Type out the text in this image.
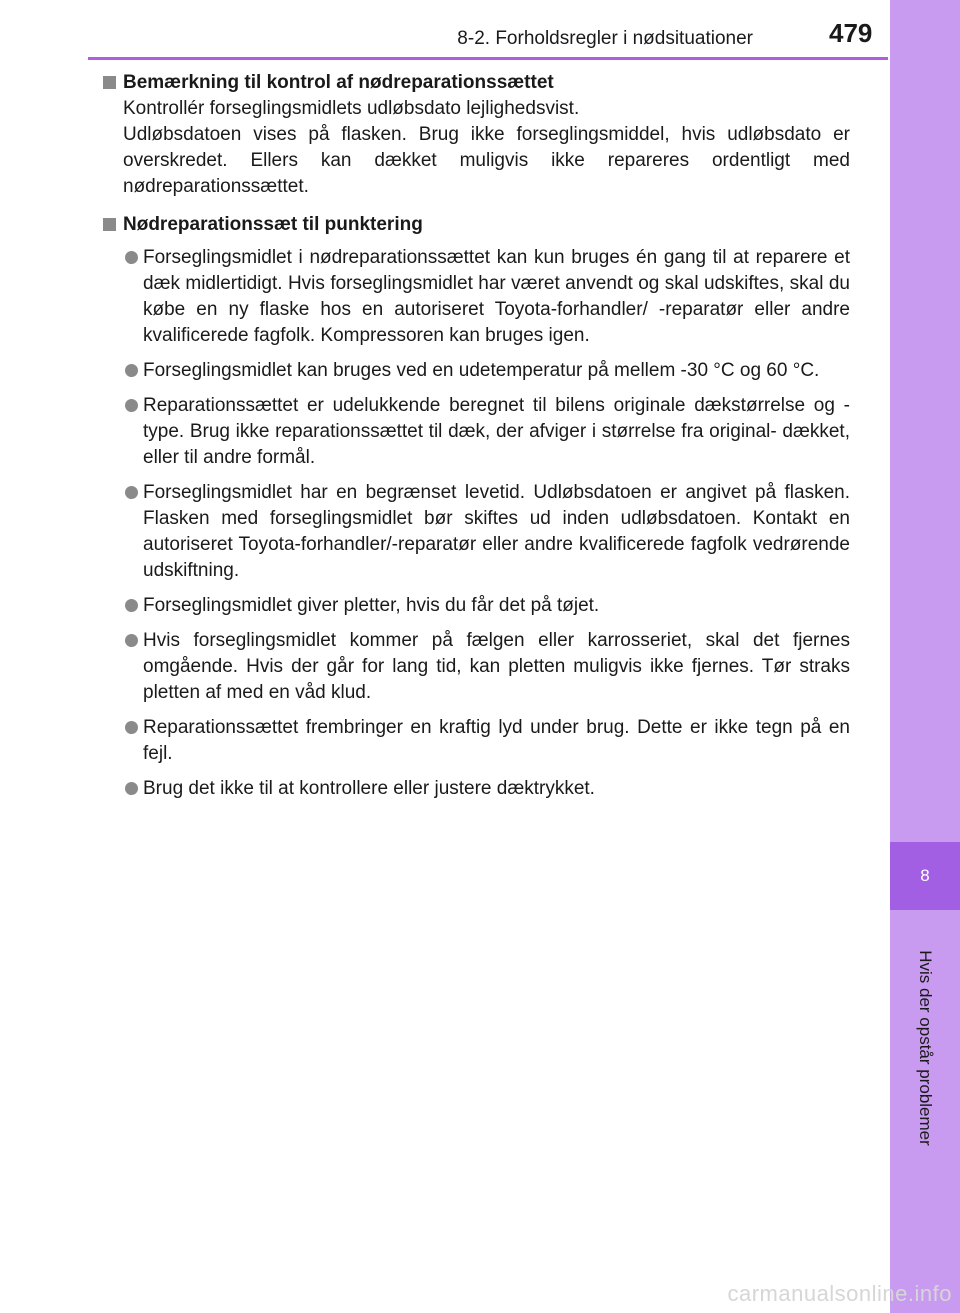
8-2. Forholdsregler i nødsituationer	479
8
Hvis der opstår problemer
Bemærkning til kontrol af nødreparationssættet

Kontrollér forseglingsmidlets udløbsdato lejlighedsvist.

Udløbsdatoen vises på flasken. Brug ikke forseglingsmiddel, hvis udløbsdato er overskredet. Ellers kan dækket muligvis ikke repareres ordentligt med nødreparationssættet.

Nødreparationssæt til punktering
Forseglingsmidlet i nødreparationssættet kan kun bruges én gang til at reparere et dæk midlertidigt. Hvis forseglingsmidlet har været anvendt og skal udskiftes, skal du købe en ny flaske hos en autoriseret Toyota-forhandler/ -reparatør eller andre kvalificerede fagfolk. Kompressoren kan bruges igen.
Forseglingsmidlet kan bruges ved en udetemperatur på mellem -30 °C og 60 °C.
Reparationssættet er udelukkende beregnet til bilens originale dækstørrelse og -type. Brug ikke reparationssættet til dæk, der afviger i størrelse fra original- dækket, eller til andre formål.
Forseglingsmidlet har en begrænset levetid. Udløbsdatoen er angivet på flasken. Flasken med forseglingsmidlet bør skiftes ud inden udløbsdatoen. Kontakt en autoriseret Toyota-forhandler/-reparatør eller andre kvalificerede fagfolk vedrørende udskiftning.
Forseglingsmidlet giver pletter, hvis du får det på tøjet.
Hvis forseglingsmidlet kommer på fælgen eller karrosseriet, skal det fjernes omgående. Hvis der går for lang tid, kan pletten muligvis ikke fjernes. Tør straks pletten af med en våd klud.
Reparationssættet frembringer en kraftig lyd under brug. Dette er ikke tegn på en fejl.
Brug det ikke til at kontrollere eller justere dæktrykket.
carmanualsonline.info
